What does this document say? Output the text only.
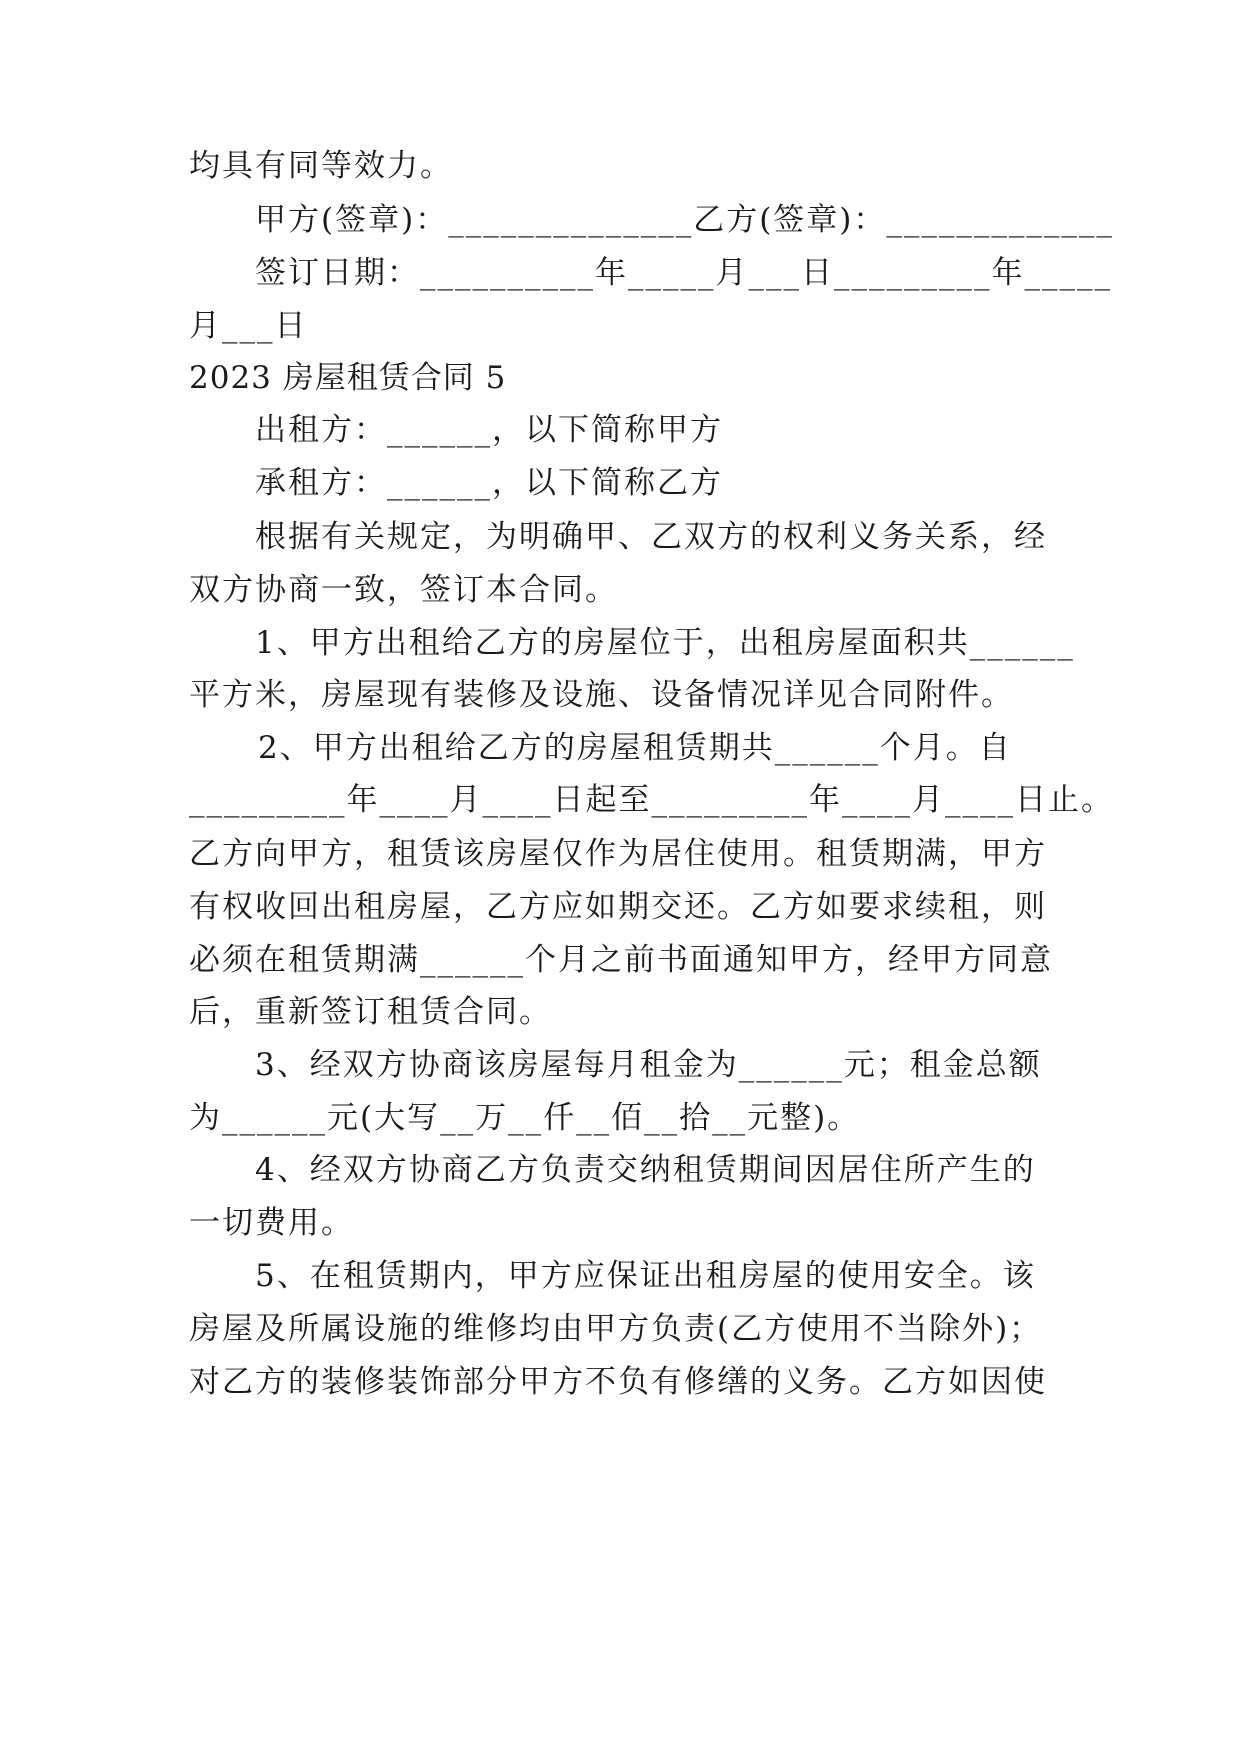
均具有同等效力。
甲方(签章)：______________乙方(签章)：_____________
签订日期：__________年_____月___日_________年_____
月___日
2023 房屋租赁合同 5
出租方：______，以下简称甲方
承租方：______，以下简称乙方
根据有关规定，为明确甲、乙双方的权利义务关系，经
双方协商一致，签订本合同。
1、甲方出租给乙方的房屋位于，出租房屋面积共______
平方米，房屋现有装修及设施、设备情况详见合同附件。
2、甲方出租给乙方的房屋租赁期共______个月。自
_________年____月____日起至_________年____月____日止。
乙方向甲方，租赁该房屋仅作为居住使用。租赁期满，甲方
有权收回出租房屋，乙方应如期交还。乙方如要求续租，则
必须在租赁期满______个月之前书面通知甲方，经甲方同意
后，重新签订租赁合同。
3、经双方协商该房屋每月租金为______元；租金总额
为______元(大写__万__仟__佰__拾__元整)。
4、经双方协商乙方负责交纳租赁期间因居住所产生的
一切费用。
5、在租赁期内，甲方应保证出租房屋的使用安全。该
房屋及所属设施的维修均由甲方负责(乙方使用不当除外)；
对乙方的装修装饰部分甲方不负有修缮的义务。乙方如因使
